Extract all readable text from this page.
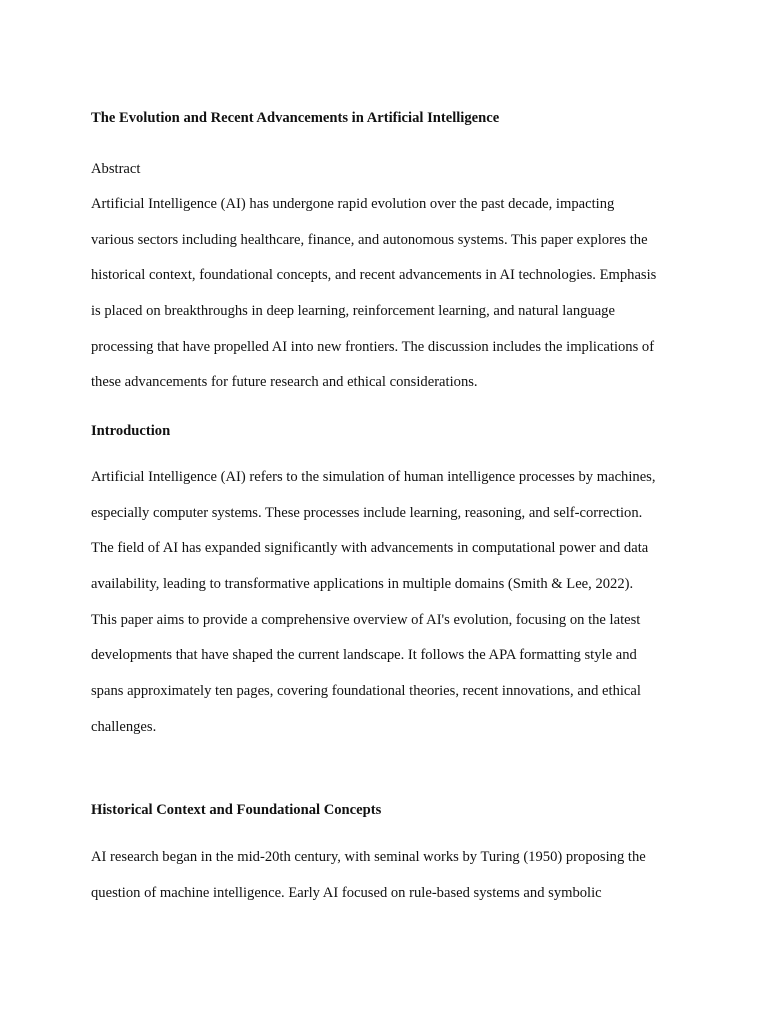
The Evolution and Recent Advancements in Artificial Intelligence
Abstract
Artificial Intelligence (AI) has undergone rapid evolution over the past decade, impacting
various sectors including healthcare, finance, and autonomous systems. This paper explores the
historical context, foundational concepts, and recent advancements in AI technologies. Emphasis
is placed on breakthroughs in deep learning, reinforcement learning, and natural language
processing that have propelled AI into new frontiers. The discussion includes the implications of
these advancements for future research and ethical considerations.
Introduction
Artificial Intelligence (AI) refers to the simulation of human intelligence processes by machines,
especially computer systems. These processes include learning, reasoning, and self-correction.
The field of AI has expanded significantly with advancements in computational power and data
availability, leading to transformative applications in multiple domains (Smith & Lee, 2022).
This paper aims to provide a comprehensive overview of AI's evolution, focusing on the latest
developments that have shaped the current landscape. It follows the APA formatting style and
spans approximately ten pages, covering foundational theories, recent innovations, and ethical
challenges.
Historical Context and Foundational Concepts
AI research began in the mid-20th century, with seminal works by Turing (1950) proposing the
question of machine intelligence. Early AI focused on rule-based systems and symbolic
